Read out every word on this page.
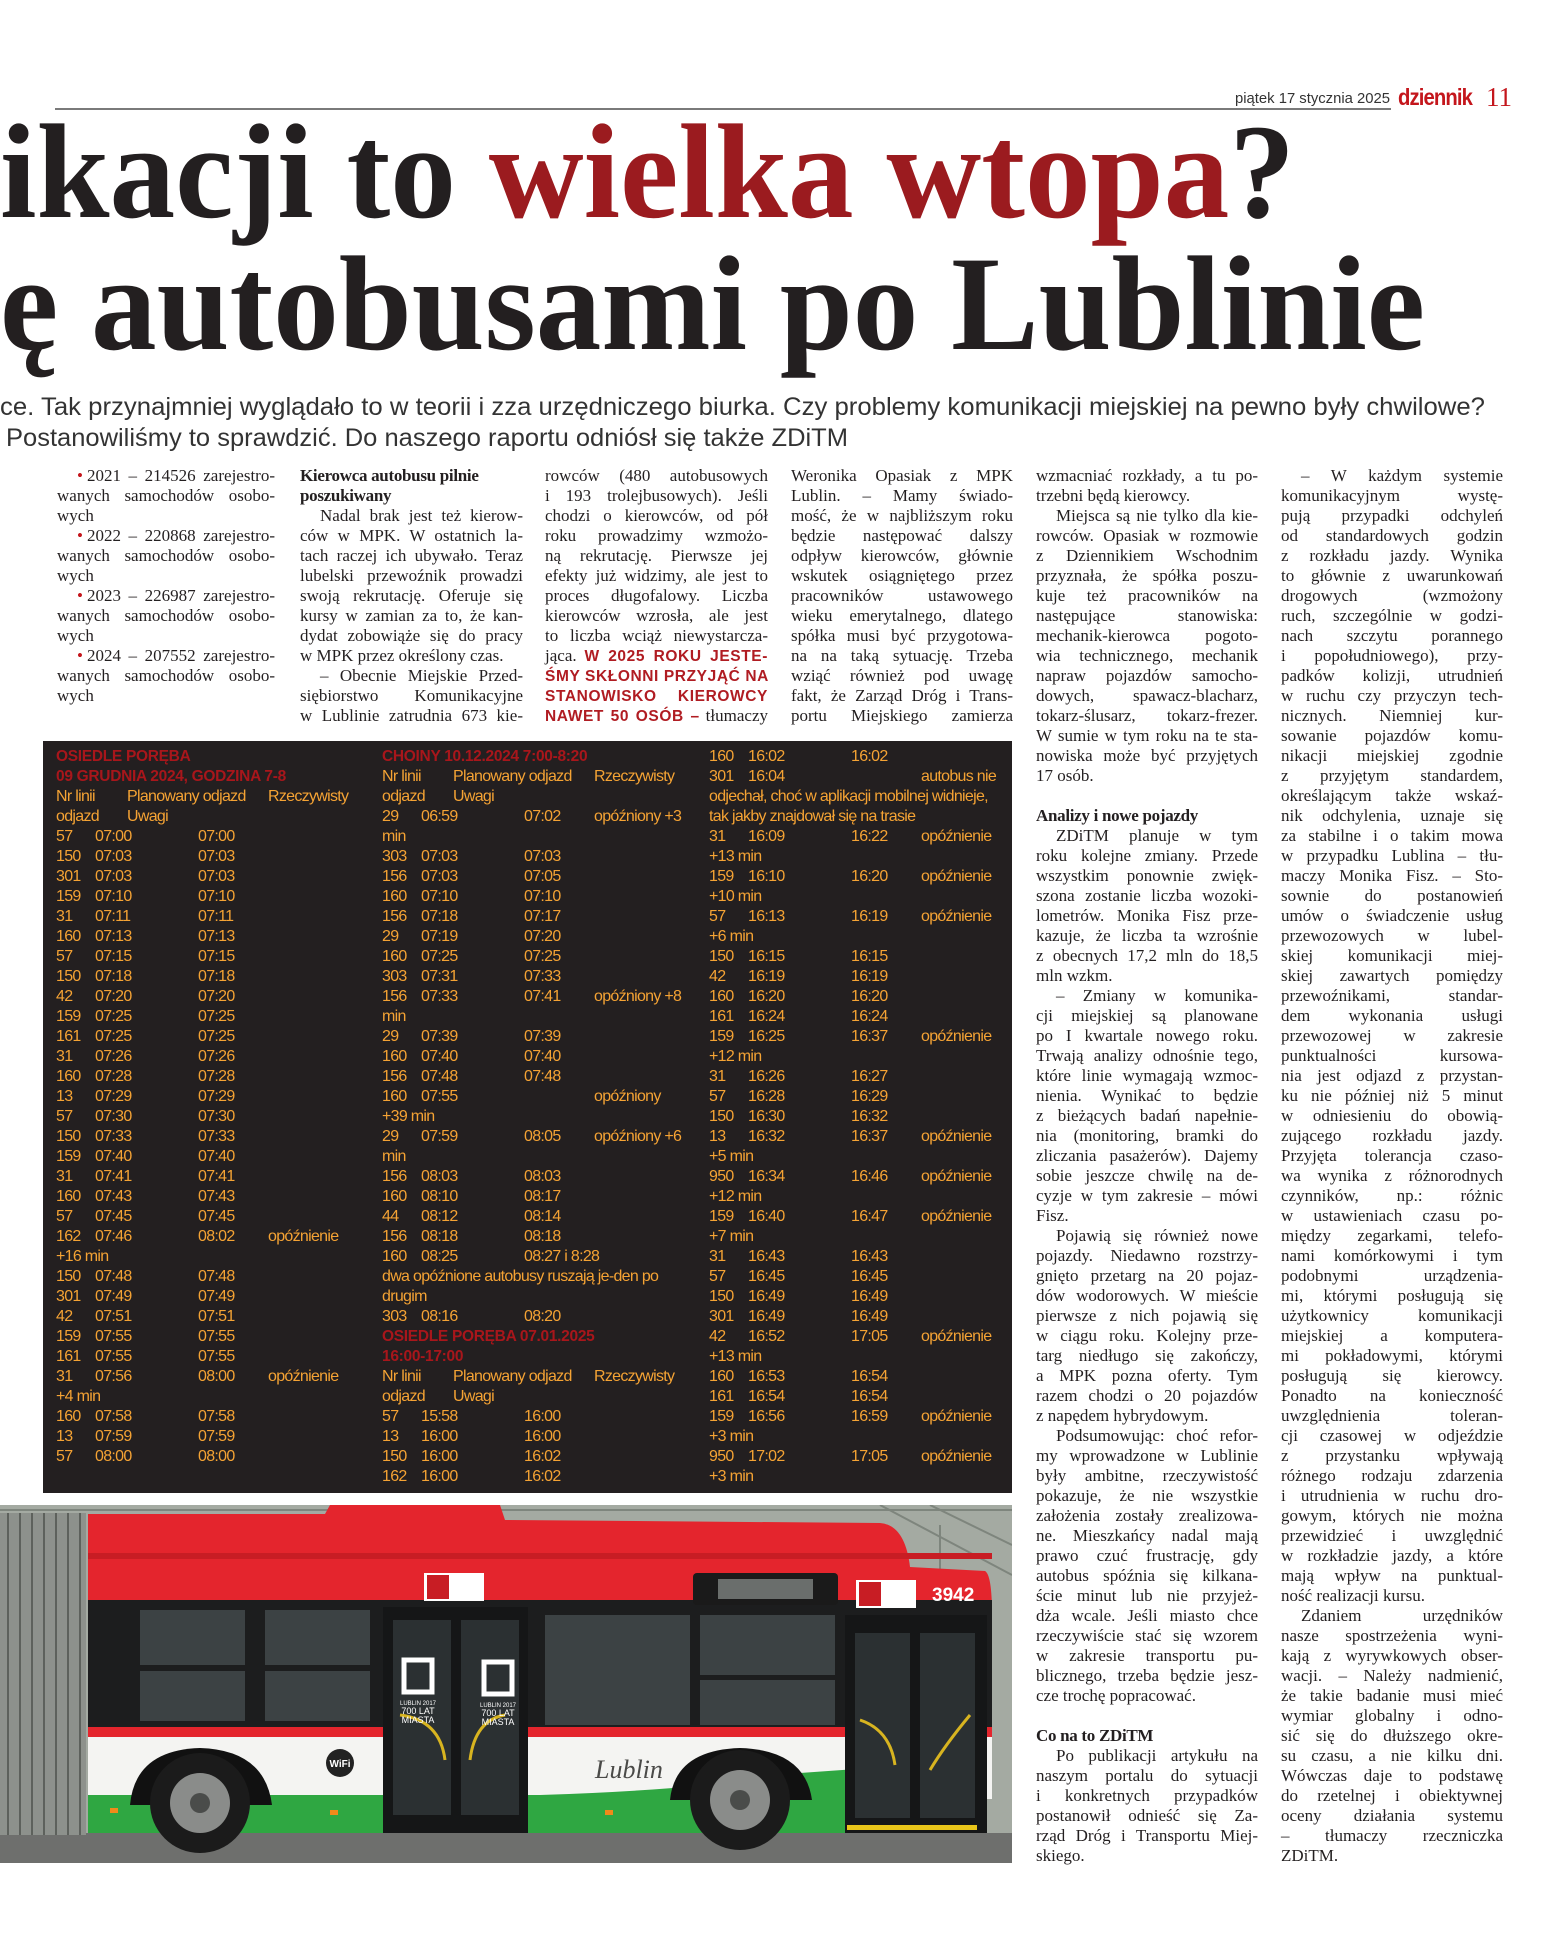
piątek 17 stycznia 2025 dziennik 11
ikacji to wielka wtopa?
ę autobusami po Lublinie
ce. Tak przynajmniej wyglądało to w teorii i zza urzędniczego biurka. Czy problemy komunikacji miejskiej na pewno były chwilowe?
Postanowiliśmy to sprawdzić. Do naszego raportu odniósł się także ZDiTM
• 2021 – 214526 zarejestro-
wanych samochodów osobo-
wych
• 2022 – 220868 zarejestro-
wanych samochodów osobo-
wych
• 2023 – 226987 zarejestro-
wanych samochodów osobo-
wych
• 2024 – 207552 zarejestro-
wanych samochodów osobo-
wych
Kierowca autobusu pilnie
poszukiwany
Nadal brak jest też kierow-
ców w MPK. W ostatnich la-
tach raczej ich ubywało. Teraz
lubelski przewoźnik prowadzi
swoją rekrutację. Oferuje się
kursy w zamian za to, że kan-
dydat zobowiąże się do pracy
w MPK przez określony czas.
– Obecnie Miejskie Przed-
siębiorstwo Komunikacyjne
w Lublinie zatrudnia 673 kie-
rowców (480 autobusowych
i 193 trolejbusowych). Jeśli
chodzi o kierowców, od pół
roku prowadzimy wzmożo-
ną rekrutację. Pierwsze jej
efekty już widzimy, ale jest to
proces długofalowy. Liczba
kierowców wzrosła, ale jest
to liczba wciąż niewystarcza-
jąca. W 2025 ROKU JESTE-
ŚMY SKŁONNI PRZYJĄĆ NA
STANOWISKO KIEROWCY
NAWET 50 OSÓB – tłumaczy
Weronika Opasiak z MPK
Lublin. – Mamy świado-
mość, że w najbliższym roku
będzie następować dalszy
odpływ kierowców, głównie
wskutek osiągniętego przez
pracowników ustawowego
wieku emerytalnego, dlatego
spółka musi być przygotowa-
na na taką sytuację. Trzeba
wziąć również pod uwagę
fakt, że Zarząd Dróg i Trans-
portu Miejskiego zamierza
wzmacniać rozkłady, a tu po-
trzebni będą kierowcy.
Miejsca są nie tylko dla kie-
rowców. Opasiak w rozmowie
z Dziennikiem Wschodnim
przyznała, że spółka poszu-
kuje też pracowników na
następujące stanowiska:
mechanik-kierowca pogoto-
wia technicznego, mechanik
napraw pojazdów samocho-
dowych, spawacz-blacharz,
tokarz-ślusarz, tokarz-frezer.
W sumie w tym roku na te sta-
nowiska może być przyjętych
17 osób.
Analizy i nowe pojazdy
ZDiTM planuje w tym
roku kolejne zmiany. Przede
wszystkim ponownie zwięk-
szona zostanie liczba wozoki-
lometrów. Monika Fisz prze-
kazuje, że liczba ta wzrośnie
z obecnych 17,2 mln do 18,5
mln wzkm.
– Zmiany w komunika-
cji miejskiej są planowane
po I kwartale nowego roku.
Trwają analizy odnośnie tego,
które linie wymagają wzmoc-
nienia. Wynikać to będzie
z bieżących badań napełnie-
nia (monitoring, bramki do
zliczania pasażerów). Dajemy
sobie jeszcze chwilę na de-
cyzje w tym zakresie – mówi
Fisz.
Pojawią się również nowe
pojazdy. Niedawno rozstrzy-
gnięto przetarg na 20 pojaz-
dów wodorowych. W mieście
pierwsze z nich pojawią się
w ciągu roku. Kolejny prze-
targ niedługo się zakończy,
a MPK pozna oferty. Tym
razem chodzi o 20 pojazdów
z napędem hybrydowym.
Podsumowując: choć refor-
my wprowadzone w Lublinie
były ambitne, rzeczywistość
pokazuje, że nie wszystkie
założenia zostały zrealizowa-
ne. Mieszkańcy nadal mają
prawo czuć frustrację, gdy
autobus spóźnia się kilkana-
ście minut lub nie przyjeż-
dża wcale. Jeśli miasto chce
rzeczywiście stać się wzorem
w zakresie transportu pu-
blicznego, trzeba będzie jesz-
cze trochę popracować.
Co na to ZDiTM
Po publikacji artykułu na
naszym portalu do sytuacji
i konkretnych przypadków
postanowił odnieść się Za-
rząd Dróg i Transportu Miej-
skiego.
– W każdym systemie
komunikacyjnym wystę-
pują przypadki odchyleń
od standardowych godzin
z rozkładu jazdy. Wynika
to głównie z uwarunkowań
drogowych (wzmożony
ruch, szczególnie w godzi-
nach szczytu porannego
i popołudniowego), przy-
padków kolizji, utrudnień
w ruchu czy przyczyn tech-
nicznych. Niemniej kur-
sowanie pojazdów komu-
nikacji miejskiej zgodnie
z przyjętym standardem,
określającym także wskaź-
nik odchylenia, uznaje się
za stabilne i o takim mowa
w przypadku Lublina – tłu-
maczy Monika Fisz. – Sto-
sownie do postanowień
umów o świadczenie usług
przewozowych w lubel-
skiej komunikacji miej-
skiej zawartych pomiędzy
przewoźnikami, standar-
dem wykonania usługi
przewozowej w zakresie
punktualności kursowa-
nia jest odjazd z przystan-
ku nie później niż 5 minut
w odniesieniu do obowią-
zującego rozkładu jazdy.
Przyjęta tolerancja czaso-
wa wynika z różnorodnych
czynników, np.: różnic
w ustawieniach czasu po-
między zegarkami, telefo-
nami komórkowymi i tym
podobnymi urządzenia-
mi, którymi posługują się
użytkownicy komunikacji
miejskiej a komputera-
mi pokładowymi, którymi
posługują się kierowcy.
Ponadto na konieczność
uwzględnienia toleran-
cji czasowej w odjeździe
z przystanku wpływają
różnego rodzaju zdarzenia
i utrudnienia w ruchu dro-
gowym, których nie można
przewidzieć i uwzględnić
w rozkładzie jazdy, a które
mają wpływ na punktual-
ność realizacji kursu.
Zdaniem urzędników
nasze spostrzeżenia wyni-
kają z wyrywkowych obser-
wacji. – Należy nadmienić,
że takie badanie musi mieć
wymiar globalny i odno-
sić się do dłuższego okre-
su czasu, a nie kilku dni.
Wówczas daje to podstawę
do rzetelnej i obiektywnej
oceny działania systemu
– tłumaczy rzeczniczka
ZDiTM.
OSIEDLE PORĘBA
09 GRUDNIA 2024, GODZINA 7-8
Nr linii Planowany odjazd Rzeczywisty
odjazd Uwagi
57 07:00	07:00
150 07:03	07:03
301 07:03	07:03
159 07:10	07:10
31 07:11	07:11
160 07:13	07:13
57 07:15	07:15
150 07:18	07:18
42 07:20	07:20
159 07:25	07:25
161 07:25	07:25
31 07:26	07:26
160 07:28	07:28
13 07:29	07:29
57 07:30	07:30
150 07:33	07:33
159 07:40	07:40
31 07:41	07:41
160 07:43	07:43
57 07:45	07:45
162 07:46	08:02 opóźnienie
+16 min
150 07:48	07:48
301 07:49	07:49
42 07:51	07:51
159 07:55	07:55
161 07:55	07:55
31 07:56	08:00 opóźnienie
+4 min
160 07:58	07:58
13 07:59	07:59
57 08:00	08:00
CHOINY 10.12.2024 7:00-8:20
Nr linii Planowany odjazd Rzeczywisty
odjazd Uwagi
29 06:59	07:02 opóźniony +3
min
303 07:03	07:03
156 07:03	07:05
160 07:10	07:10
156 07:18	07:17
29 07:19	07:20
160 07:25	07:25
303 07:31	07:33
156 07:33	07:41 opóźniony +8
min
29 07:39	07:39
160 07:40	07:40
156 07:48	07:48
160 07:55	opóźniony
+39 min
29 07:59	08:05 opóźniony +6
min
156 08:03	08:03
160 08:10	08:17
44 08:12	08:14
156 08:18	08:18
160 08:25	08:27 i 8:28
dwa opóźnione autobusy ruszają je-den po
drugim
303 08:16	08:20
OSIEDLE PORĘBA 07.01.2025
16:00-17:00
Nr linii Planowany odjazd Rzeczywisty
odjazd Uwagi
57 15:58	16:00
13 16:00	16:00
150 16:00	16:02
162 16:00	16:02
160 16:02	16:02
301 16:04	autobus nie
odjechał, choć w aplikacji mobilnej widnieje,
tak jakby znajdował się na trasie
31 16:09	16:22 opóźnienie
+13 min
159 16:10	16:20 opóźnienie
+10 min
57 16:13	16:19 opóźnienie
+6 min
150 16:15	16:15
42 16:19	16:19
160 16:20	16:20
161 16:24	16:24
159 16:25	16:37 opóźnienie
+12 min
31 16:26	16:27
57 16:28	16:29
150 16:30	16:32
13 16:32	16:37 opóźnienie
+5 min
950 16:34	16:46 opóźnienie
+12 min
159 16:40	16:47 opóźnienie
+7 min
31 16:43	16:43
57 16:45	16:45
150 16:49	16:49
301 16:49	16:49
42 16:52	17:05 opóźnienie
+13 min
160 16:53	16:54
161 16:54	16:54
159 16:56	16:59 opóźnienie
+3 min
950 17:02	17:05 opóźnienie
+3 min
3942
LUBLIN 2017
700 LAT
MIASTA
LUBLIN 2017
700 LAT
MIASTA
Lublin
WiFi
